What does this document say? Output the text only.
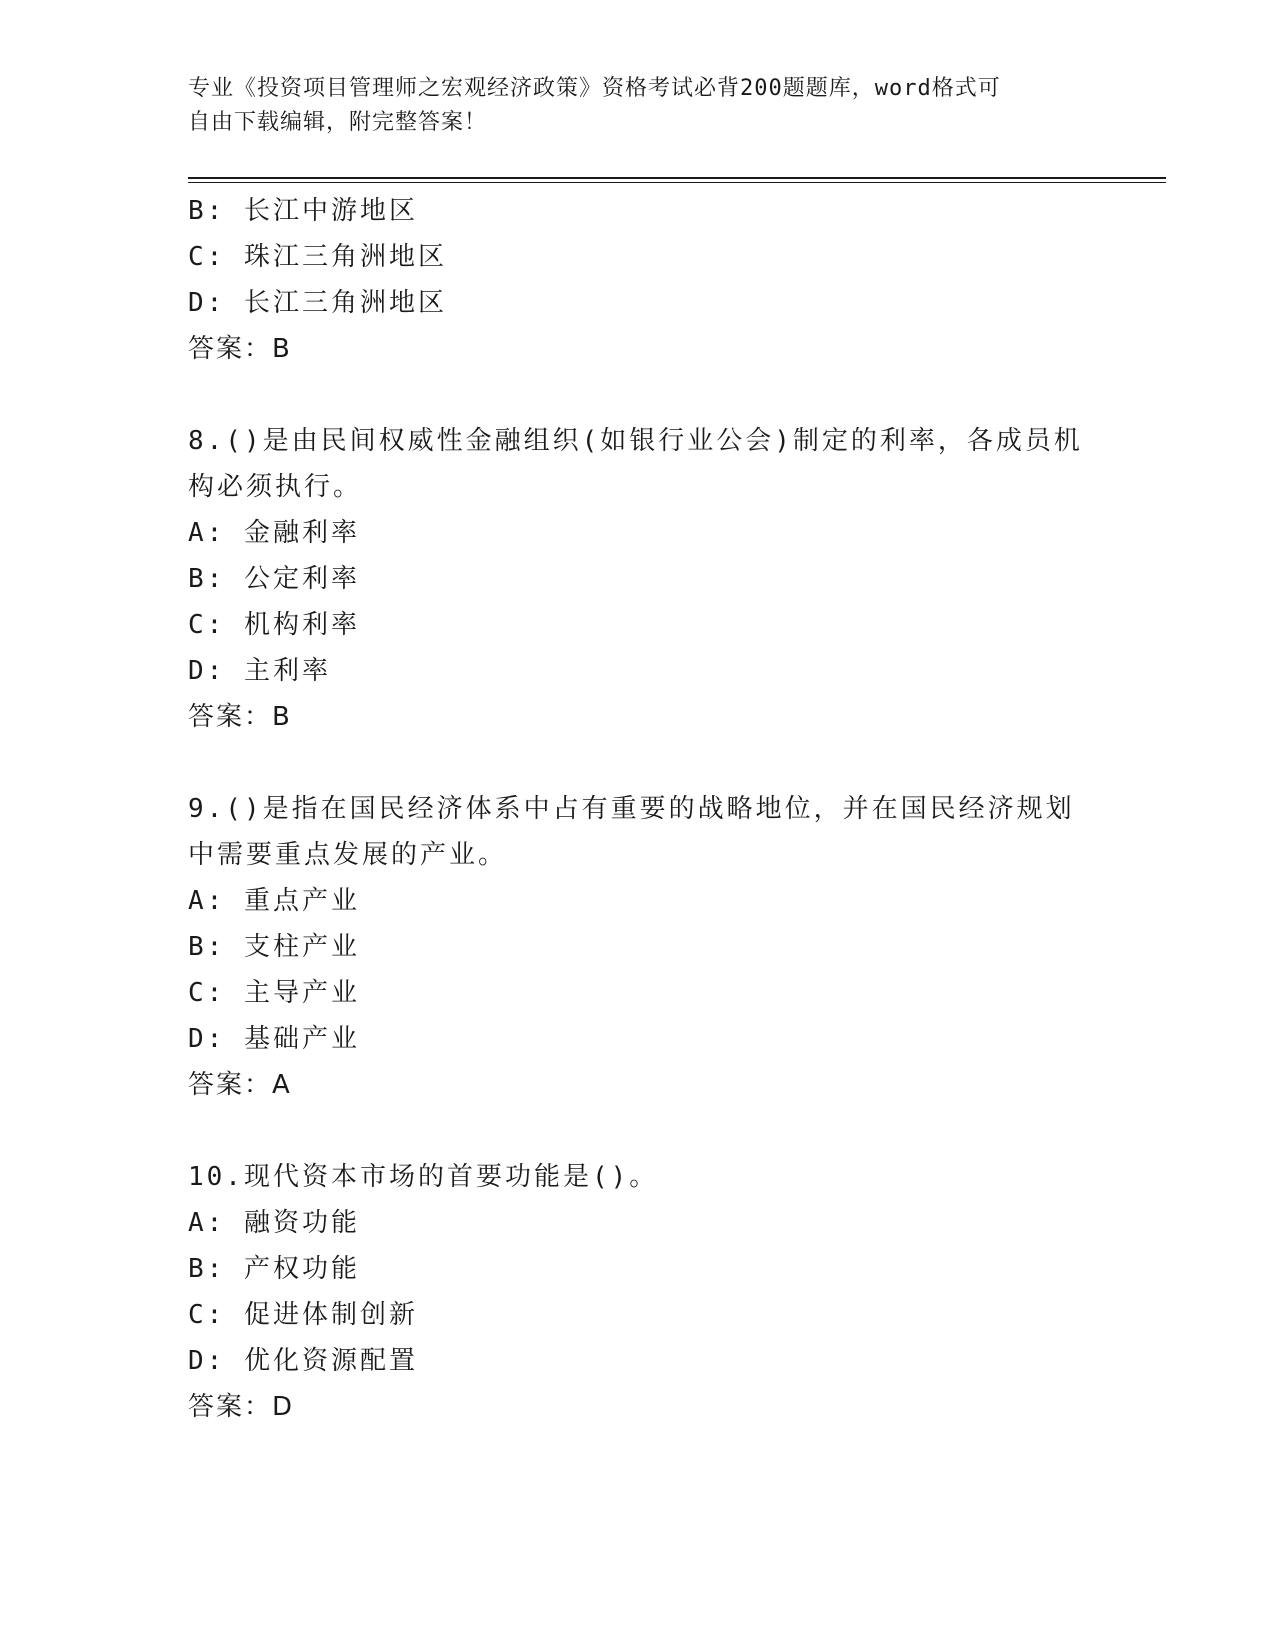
专业《投资项目管理师之宏观经济政策》资格考试必背200题题库，word格式可
自由下载编辑，附完整答案！
B: 长江中游地区
C: 珠江三角洲地区
D: 长江三角洲地区
答案：B
8.()是由民间权威性金融组织(如银行业公会)制定的利率，各成员机
构必须执行。
A: 金融利率
B: 公定利率
C: 机构利率
D: 主利率
答案：B
9.()是指在国民经济体系中占有重要的战略地位，并在国民经济规划
中需要重点发展的产业。
A: 重点产业
B: 支柱产业
C: 主导产业
D: 基础产业
答案：A
10.现代资本市场的首要功能是()。
A: 融资功能
B: 产权功能
C: 促进体制创新
D: 优化资源配置
答案：D
